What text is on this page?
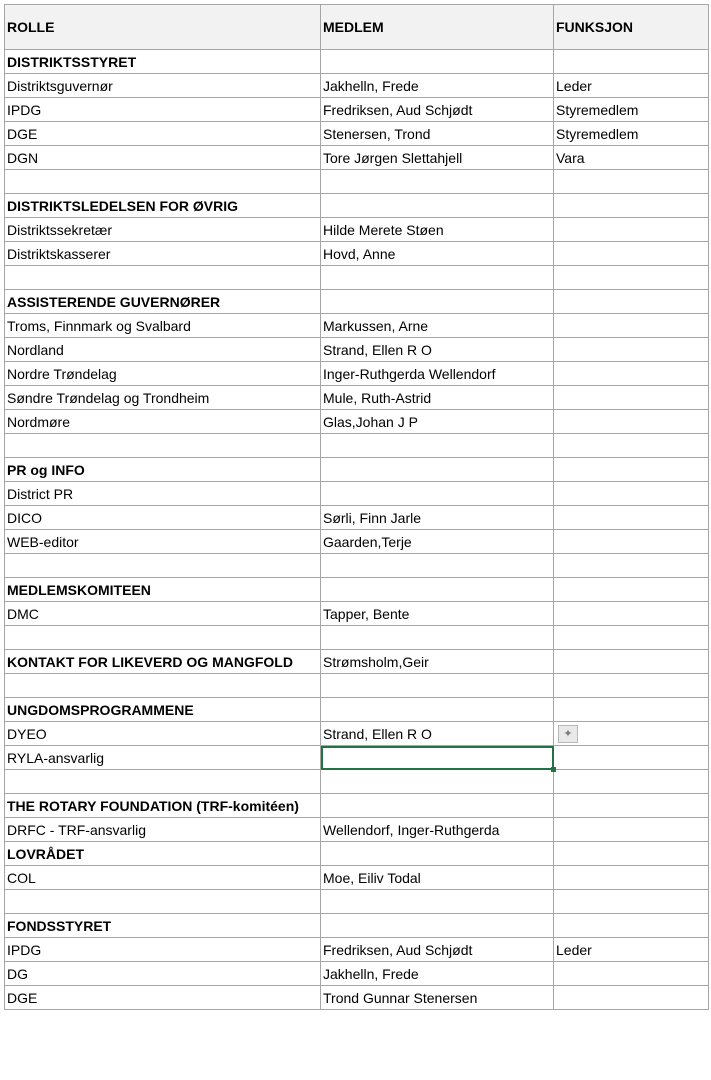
ROLLE	MEDLEM	FUNKSJON
DISTRIKTSSTYRET		
Distriktsguvernør	Jakhelln, Frede	Leder
IPDG	Fredriksen, Aud Schjødt	Styremedlem
DGE	Stenersen, Trond	Styremedlem
DGN	Tore Jørgen Slettahjell	Vara

DISTRIKTSLEDELSEN FOR ØVRIG		
Distriktssekretær	Hilde Merete Støen	
Distriktskasserer	Hovd, Anne	

ASSISTERENDE GUVERNØRER		
Troms, Finnmark og Svalbard	Markussen, Arne	
Nordland	Strand, Ellen R O	
Nordre Trøndelag	Inger-Ruthgerda Wellendorf	
Søndre Trøndelag og Trondheim	Mule, Ruth-Astrid	
Nordmøre	Glas,Johan J P	

PR og INFO		
District PR		
DICO	Sørli, Finn Jarle	
WEB-editor	Gaarden,Terje	

MEDLEMSKOMITEEN		
DMC	Tapper, Bente	

KONTAKT FOR LIKEVERD OG MANGFOLD	Strømsholm,Geir	

UNGDOMSPROGRAMMENE		
DYEO	Strand, Ellen R O	✦
RYLA-ansvarlig		

THE ROTARY FOUNDATION (TRF-komitéen)		
DRFC - TRF-ansvarlig	Wellendorf, Inger-Ruthgerda	
LOVRÅDET		
COL	Moe, Eiliv Todal	

FONDSSTYRET		
IPDG	Fredriksen, Aud Schjødt	Leder
DG	Jakhelln, Frede	
DGE	Trond Gunnar Stenersen	
